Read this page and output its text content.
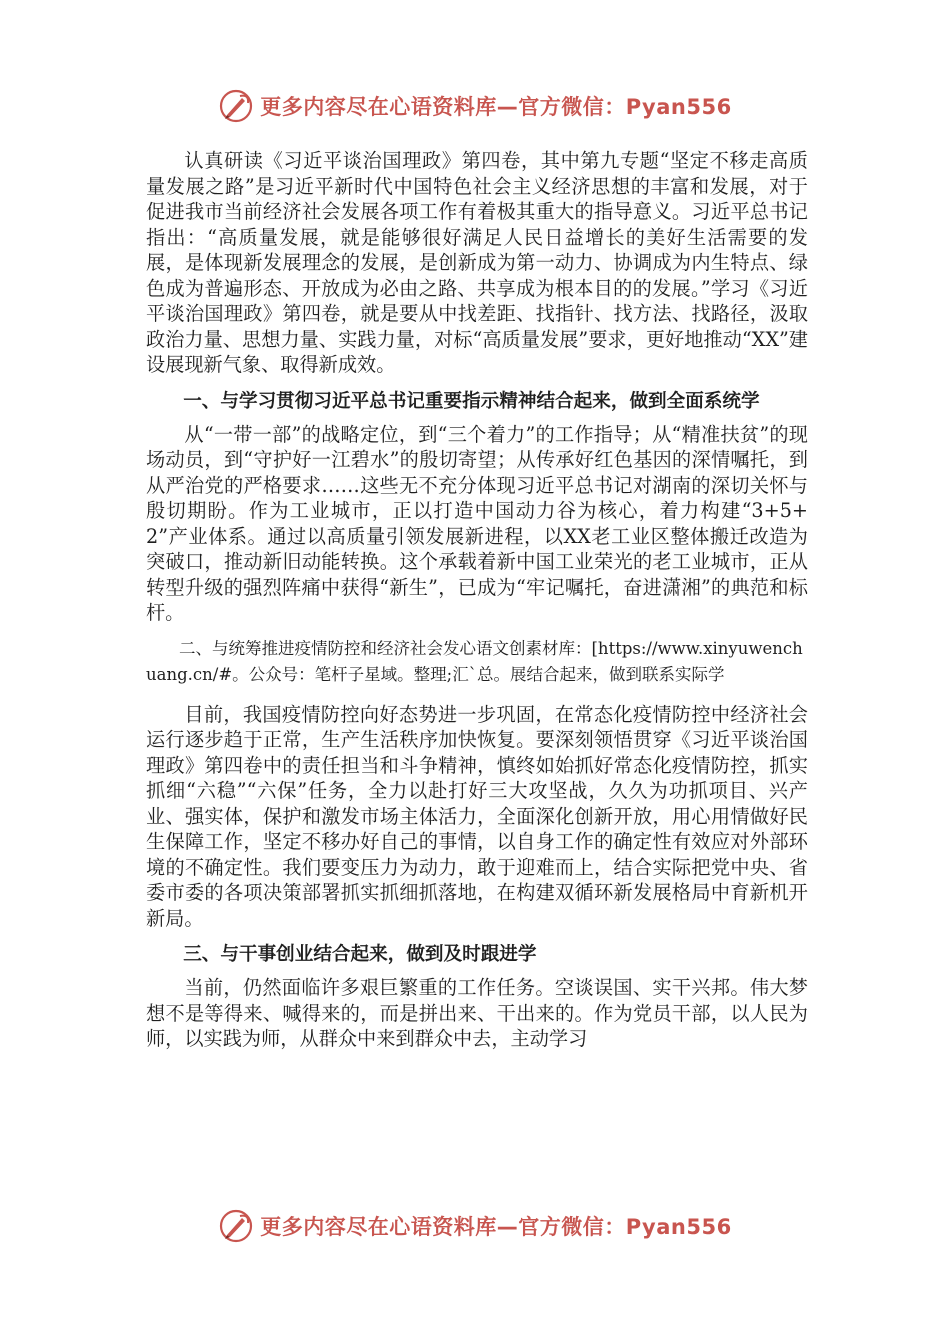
更多内容尽在心语资料库—官方微信：Pyan556

认真研读《习近平谈治国理政》第四卷，其中第九专题“坚定不移走高质量发展之路”是习近平新时代中国特色社会主义经济思想的丰富和发展，对于促进我市当前经济社会发展各项工作有着极其重大的指导意义。习近平总书记指出：“高质量发展，就是能够很好满足人民日益增长的美好生活需要的发展，是体现新发展理念的发展，是创新成为第一动力、协调成为内生特点、绿色成为普遍形态、开放成为必由之路、共享成为根本目的的发展。”学习《习近平谈治国理政》第四卷，就是要从中找差距、找指针、找方法、找路径，汲取政治力量、思想力量、实践力量，对标“高质量发展”要求，更好地推动“XX”建设展现新气象、取得新成效。

一、与学习贯彻习近平总书记重要指示精神结合起来，做到全面系统学

从“一带一部”的战略定位，到“三个着力”的工作指导；从“精准扶贫”的现场动员，到“守护好一江碧水”的殷切寄望；从传承好红色基因的深情嘱托，到从严治党的严格要求……这些无不充分体现习近平总书记对湖南的深切关怀与殷切期盼。作为工业城市，正以打造中国动力谷为核心，着力构建“3+5+2”产业体系。通过以高质量引领发展新进程，以XX老工业区整体搬迁改造为突破口，推动新旧动能转换。这个承载着新中国工业荣光的老工业城市，正从转型升级的强烈阵痛中获得“新生”，已成为“牢记嘱托，奋进潇湘”的典范和标杆。

二、与统筹推进疫情防控和经济社会发心语文创素材库：[https://www.xinyuwenchuang.cn/#。公众号：笔杆子星域。整理;汇`总。展结合起来，做到联系实际学

目前，我国疫情防控向好态势进一步巩固，在常态化疫情防控中经济社会运行逐步趋于正常，生产生活秩序加快恢复。要深刻领悟贯穿《习近平谈治国理政》第四卷中的责任担当和斗争精神，慎终如始抓好常态化疫情防控，抓实抓细“六稳”“六保”任务，全力以赴打好三大攻坚战，久久为功抓项目、兴产业、强实体，保护和激发市场主体活力，全面深化创新开放，用心用情做好民生保障工作，坚定不移办好自己的事情，以自身工作的确定性有效应对外部环境的不确定性。我们要变压力为动力，敢于迎难而上，结合实际把党中央、省委市委的各项决策部署抓实抓细抓落地，在构建双循环新发展格局中育新机开新局。

三、与干事创业结合起来，做到及时跟进学

当前，仍然面临许多艰巨繁重的工作任务。空谈误国、实干兴邦。伟大梦想不是等得来、喊得来的，而是拼出来、干出来的。作为党员干部，以人民为师，以实践为师，从群众中来到群众中去，主动学习

更多内容尽在心语资料库—官方微信：Pyan556
